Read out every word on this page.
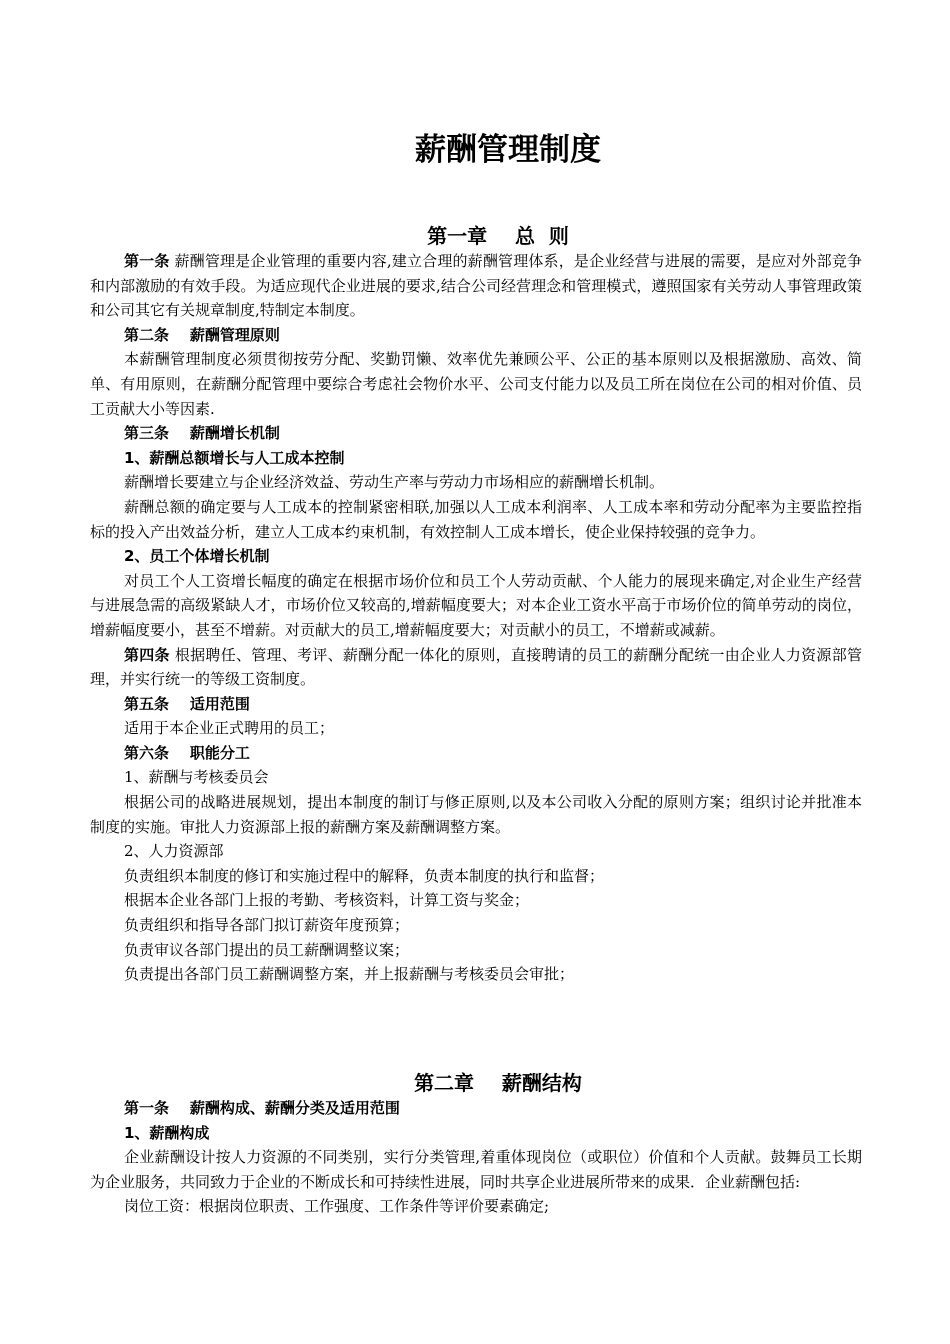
薪酬管理制度
第一章    总  则

第一条 薪酬管理是企业管理的重要内容,建立合理的薪酬管理体系，是企业经营与进展的需要，是应对外部竞争和内部激励的有效手段。为适应现代企业进展的要求,结合公司经营理念和管理模式，遵照国家有关劳动人事管理政策和公司其它有关规章制度,特制定本制度。

第二条    薪酬管理原则

本薪酬管理制度必须贯彻按劳分配、奖勤罚懒、效率优先兼顾公平、公正的基本原则以及根据激励、高效、简单、有用原则，在薪酬分配管理中要综合考虑社会物价水平、公司支付能力以及员工所在岗位在公司的相对价值、员工贡献大小等因素.

第三条    薪酬增长机制

1、薪酬总额增长与人工成本控制

薪酬增长要建立与企业经济效益、劳动生产率与劳动力市场相应的薪酬增长机制。

薪酬总额的确定要与人工成本的控制紧密相联,加强以人工成本利润率、人工成本率和劳动分配率为主要监控指标的投入产出效益分析，建立人工成本约束机制，有效控制人工成本增长，使企业保持较强的竞争力。

2、员工个体增长机制

对员工个人工资增长幅度的确定在根据市场价位和员工个人劳动贡献、个人能力的展现来确定,对企业生产经营与进展急需的高级紧缺人才，市场价位又较高的,增薪幅度要大；对本企业工资水平高于市场价位的简单劳动的岗位，增薪幅度要小，甚至不增薪。对贡献大的员工,增薪幅度要大；对贡献小的员工，不增薪或减薪。

第四条 根据聘任、管理、考评、薪酬分配一体化的原则，直接聘请的员工的薪酬分配统一由企业人力资源部管理，并实行统一的等级工资制度。

第五条    适用范围

适用于本企业正式聘用的员工；

第六条    职能分工

1、薪酬与考核委员会

根据公司的战略进展规划，提出本制度的制订与修正原则,以及本公司收入分配的原则方案；组织讨论并批准本制度的实施。审批人力资源部上报的薪酬方案及薪酬调整方案。

2、人力资源部

负责组织本制度的修订和实施过程中的解释，负责本制度的执行和监督；

根据本企业各部门上报的考勤、考核资料，计算工资与奖金；

负责组织和指导各部门拟订薪资年度预算；

负责审议各部门提出的员工薪酬调整议案；

负责提出各部门员工薪酬调整方案，并上报薪酬与考核委员会审批；

第二章    薪酬结构

第一条    薪酬构成、薪酬分类及适用范围

1、薪酬构成

企业薪酬设计按人力资源的不同类别，实行分类管理,着重体现岗位（或职位）价值和个人贡献。鼓舞员工长期为企业服务，共同致力于企业的不断成长和可持续性进展，同时共享企业进展所带来的成果．企业薪酬包括:

岗位工资：根据岗位职责、工作强度、工作条件等评价要素确定;
